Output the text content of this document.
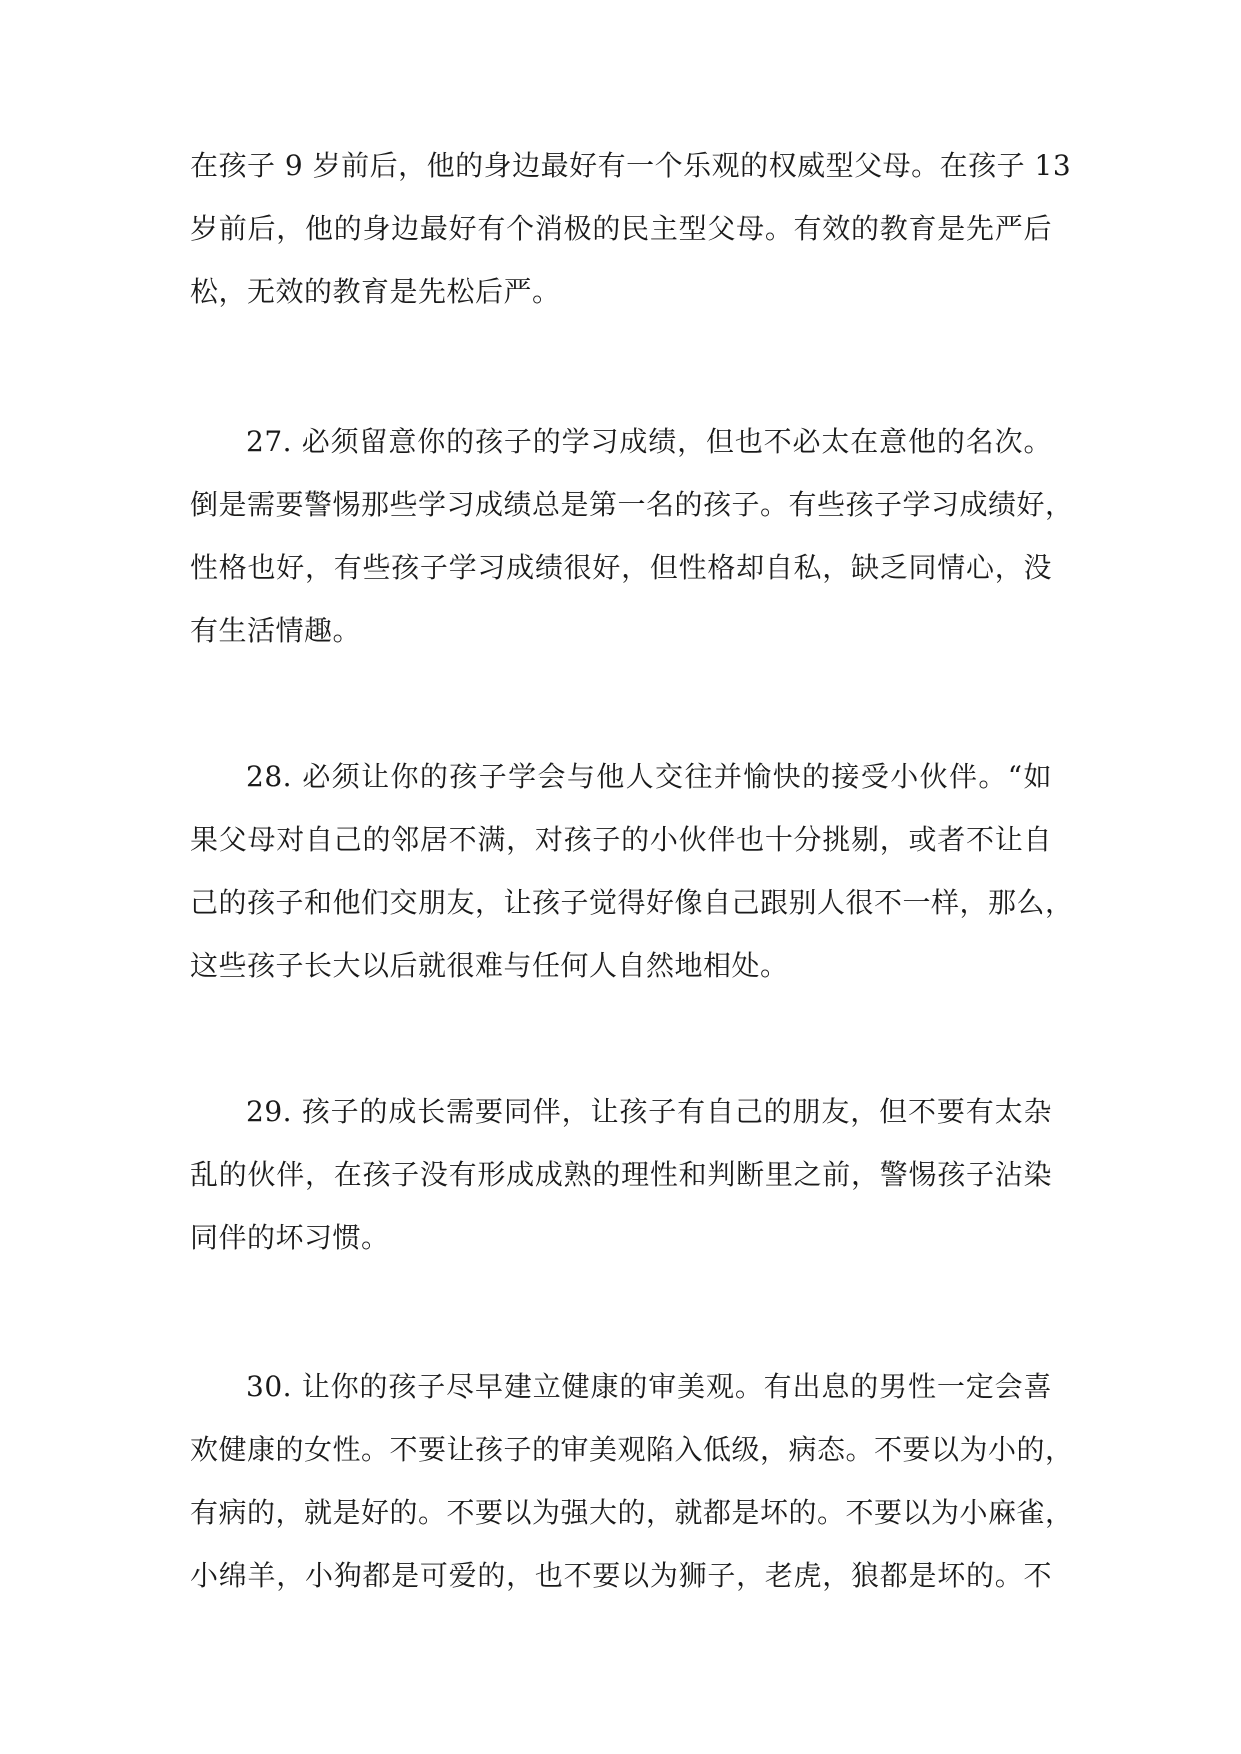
在孩子 9 岁前后，他的身边最好有一个乐观的权威型父母。在孩子 13
岁前后，他的身边最好有个消极的民主型父母。有效的教育是先严后
松，无效的教育是先松后严。

27. 必须留意你的孩子的学习成绩，但也不必太在意他的名次。
倒是需要警惕那些学习成绩总是第一名的孩子。有些孩子学习成绩好，
性格也好，有些孩子学习成绩很好，但性格却自私，缺乏同情心，没
有生活情趣。

28. 必须让你的孩子学会与他人交往并愉快的接受小伙伴。“如
果父母对自己的邻居不满，对孩子的小伙伴也十分挑剔，或者不让自
己的孩子和他们交朋友，让孩子觉得好像自己跟别人很不一样，那么，
这些孩子长大以后就很难与任何人自然地相处。

29. 孩子的成长需要同伴，让孩子有自己的朋友，但不要有太杂
乱的伙伴，在孩子没有形成成熟的理性和判断里之前，警惕孩子沾染
同伴的坏习惯。

30. 让你的孩子尽早建立健康的审美观。有出息的男性一定会喜
欢健康的女性。不要让孩子的审美观陷入低级，病态。不要以为小的，
有病的，就是好的。不要以为强大的，就都是坏的。不要以为小麻雀，
小绵羊，小狗都是可爱的，也不要以为狮子，老虎，狼都是坏的。不
